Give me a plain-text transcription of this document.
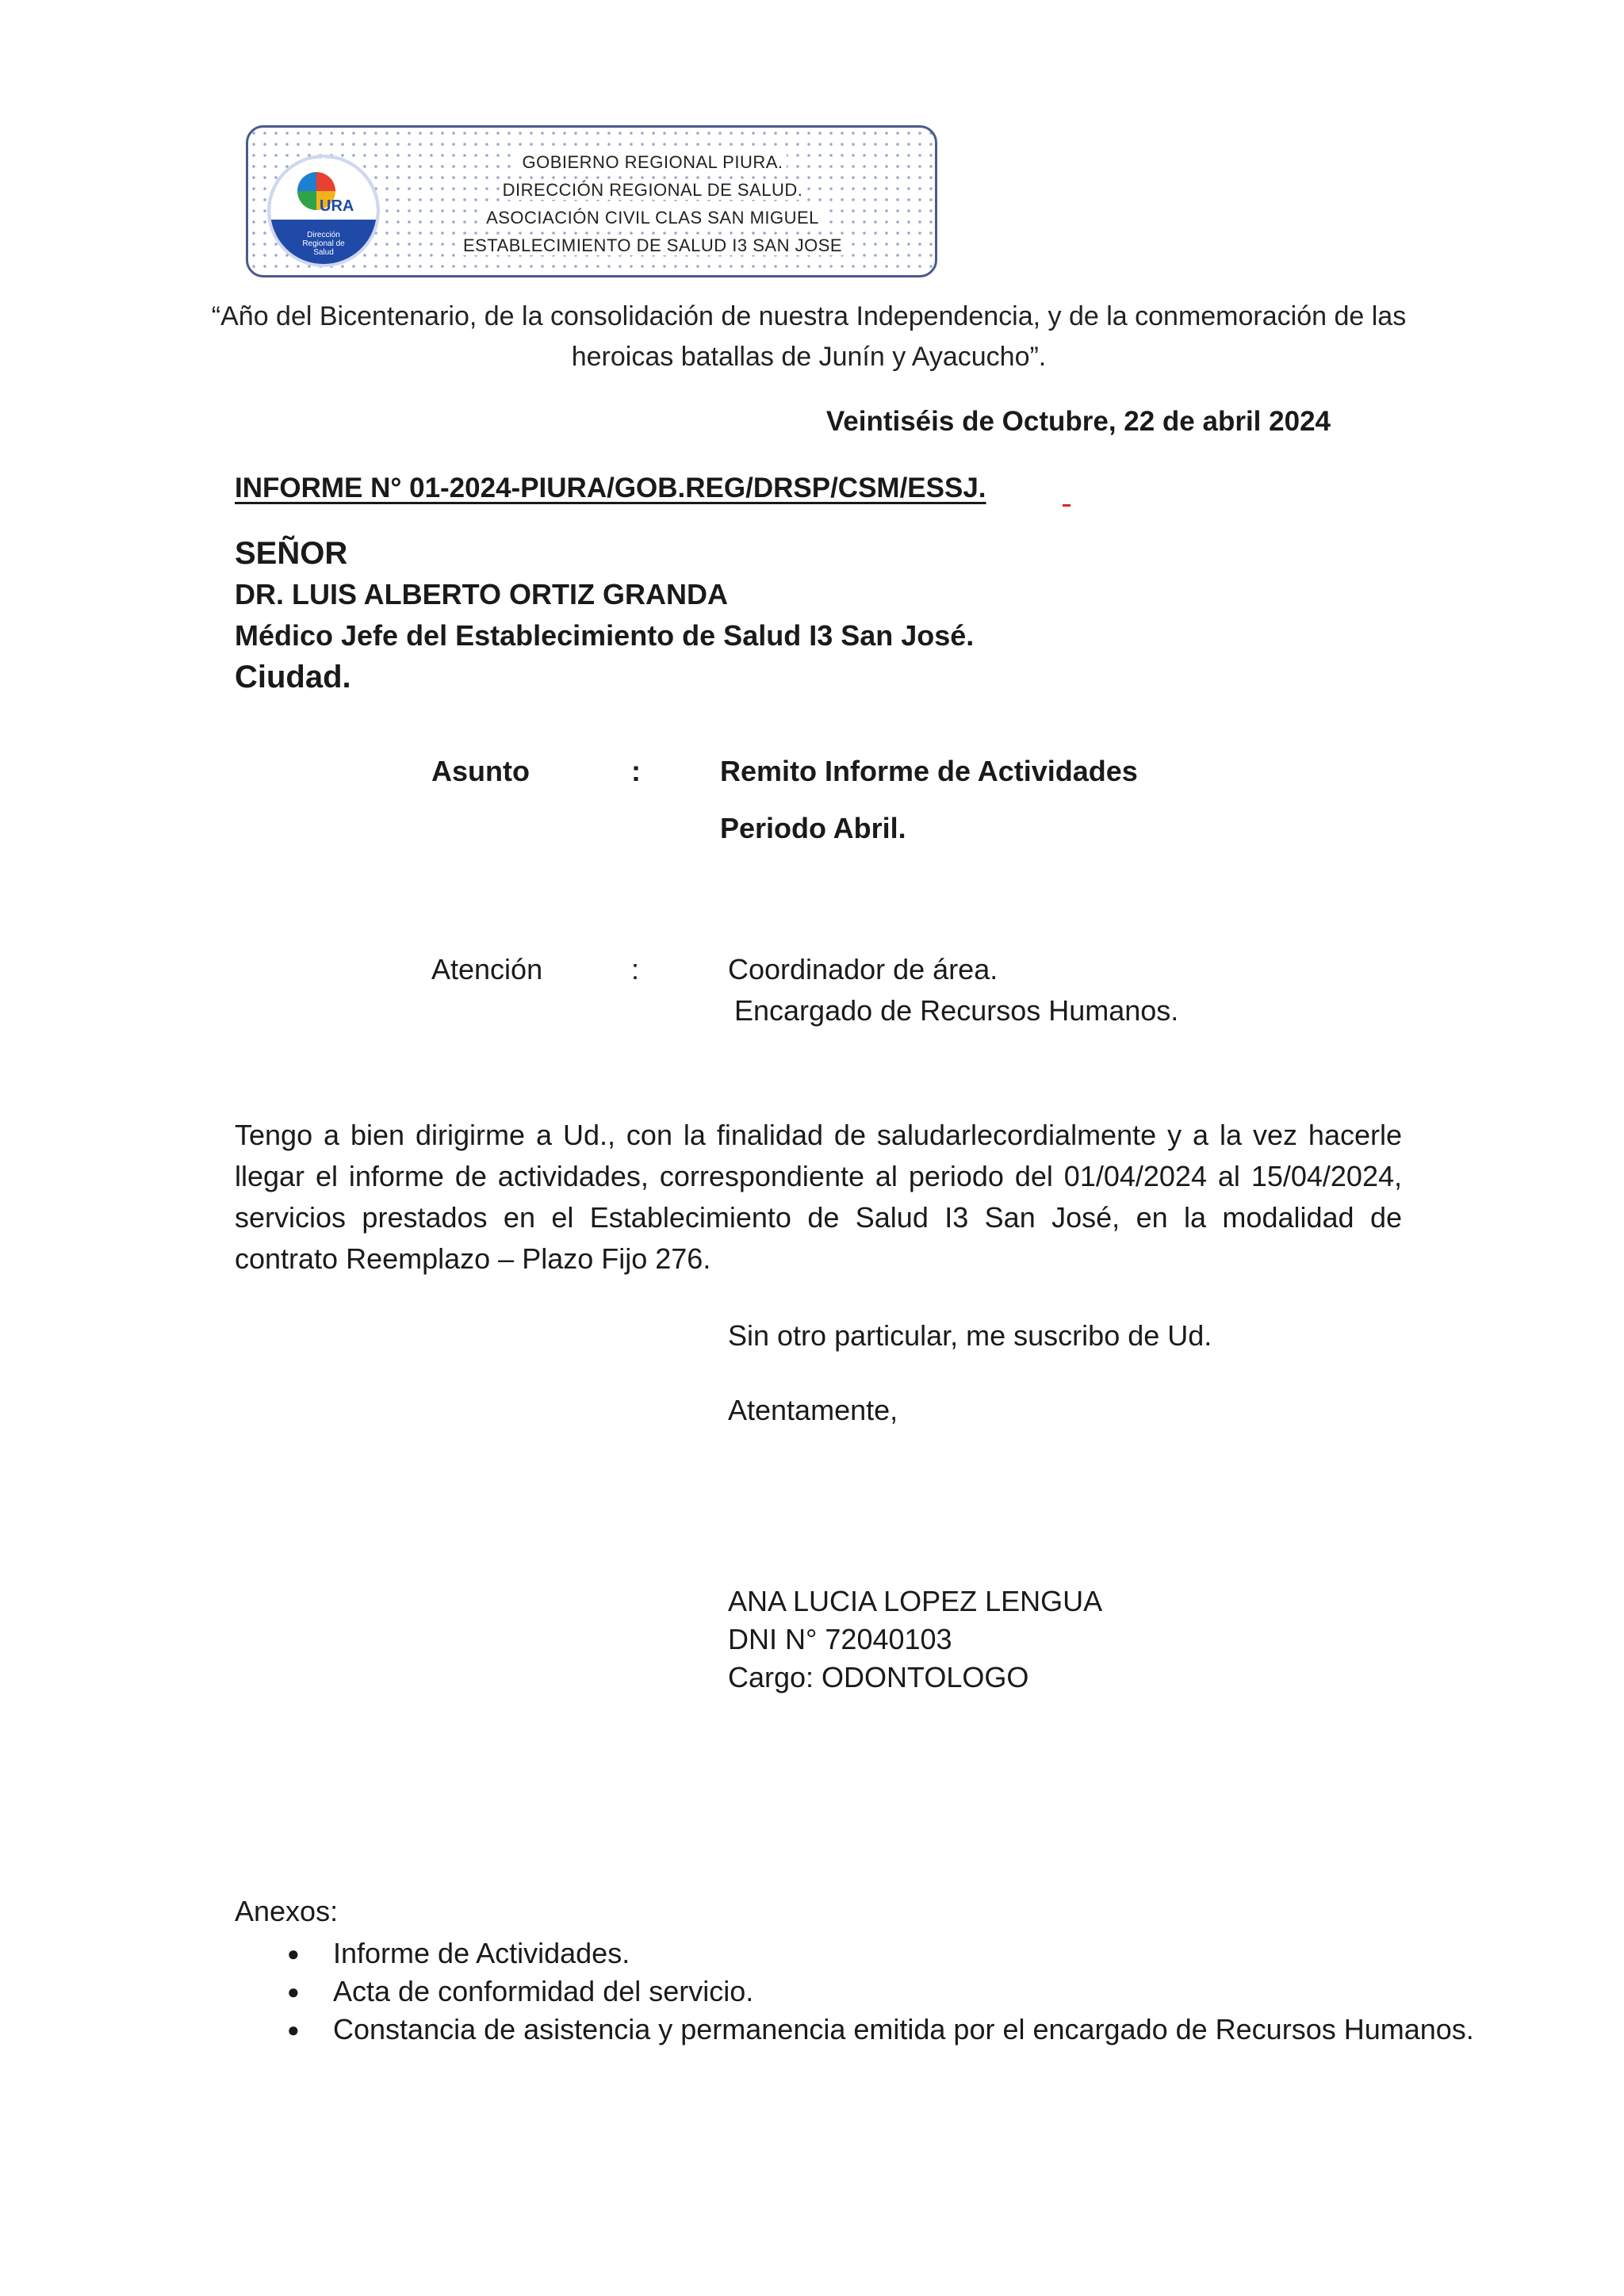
URA
Dirección
Regional de
Salud
GOBIERNO REGIONAL PIURA.
DIRECCIÓN REGIONAL DE SALUD.
ASOCIACIÓN CIVIL CLAS SAN MIGUEL
ESTABLECIMIENTO DE SALUD I3 SAN JOSE
“Año del Bicentenario, de la consolidación de nuestra Independencia, y de la conmemoración de las heroicas batallas de Junín y Ayacucho”.
Veintiséis de Octubre, 22 de abril 2024
INFORME N° 01-2024-PIURA/GOB.REG/DRSP/CSM/ESSJ.
SEÑOR
DR. LUIS ALBERTO ORTIZ GRANDA
Médico Jefe del Establecimiento de Salud I3 San José.
Ciudad.
Asunto	:	Remito Informe de Actividades
Periodo Abril.
Atención	:	Coordinador de área.
Encargado de Recursos Humanos.
Tengo a bien dirigirme a Ud., con la finalidad de saludarlecordialmente y a la vez hacerle llegar el informe de actividades, correspondiente al periodo del 01/04/2024 al 15/04/2024, servicios prestados en el Establecimiento de Salud I3 San José, en la modalidad de contrato Reemplazo – Plazo Fijo 276.
Sin otro particular, me suscribo de Ud.
Atentamente,
ANA LUCIA LOPEZ LENGUA
DNI N° 72040103
Cargo: ODONTOLOGO
Anexos:
● Informe de Actividades.
● Acta de conformidad del servicio.
● Constancia de asistencia y permanencia emitida por el encargado de Recursos Humanos.
